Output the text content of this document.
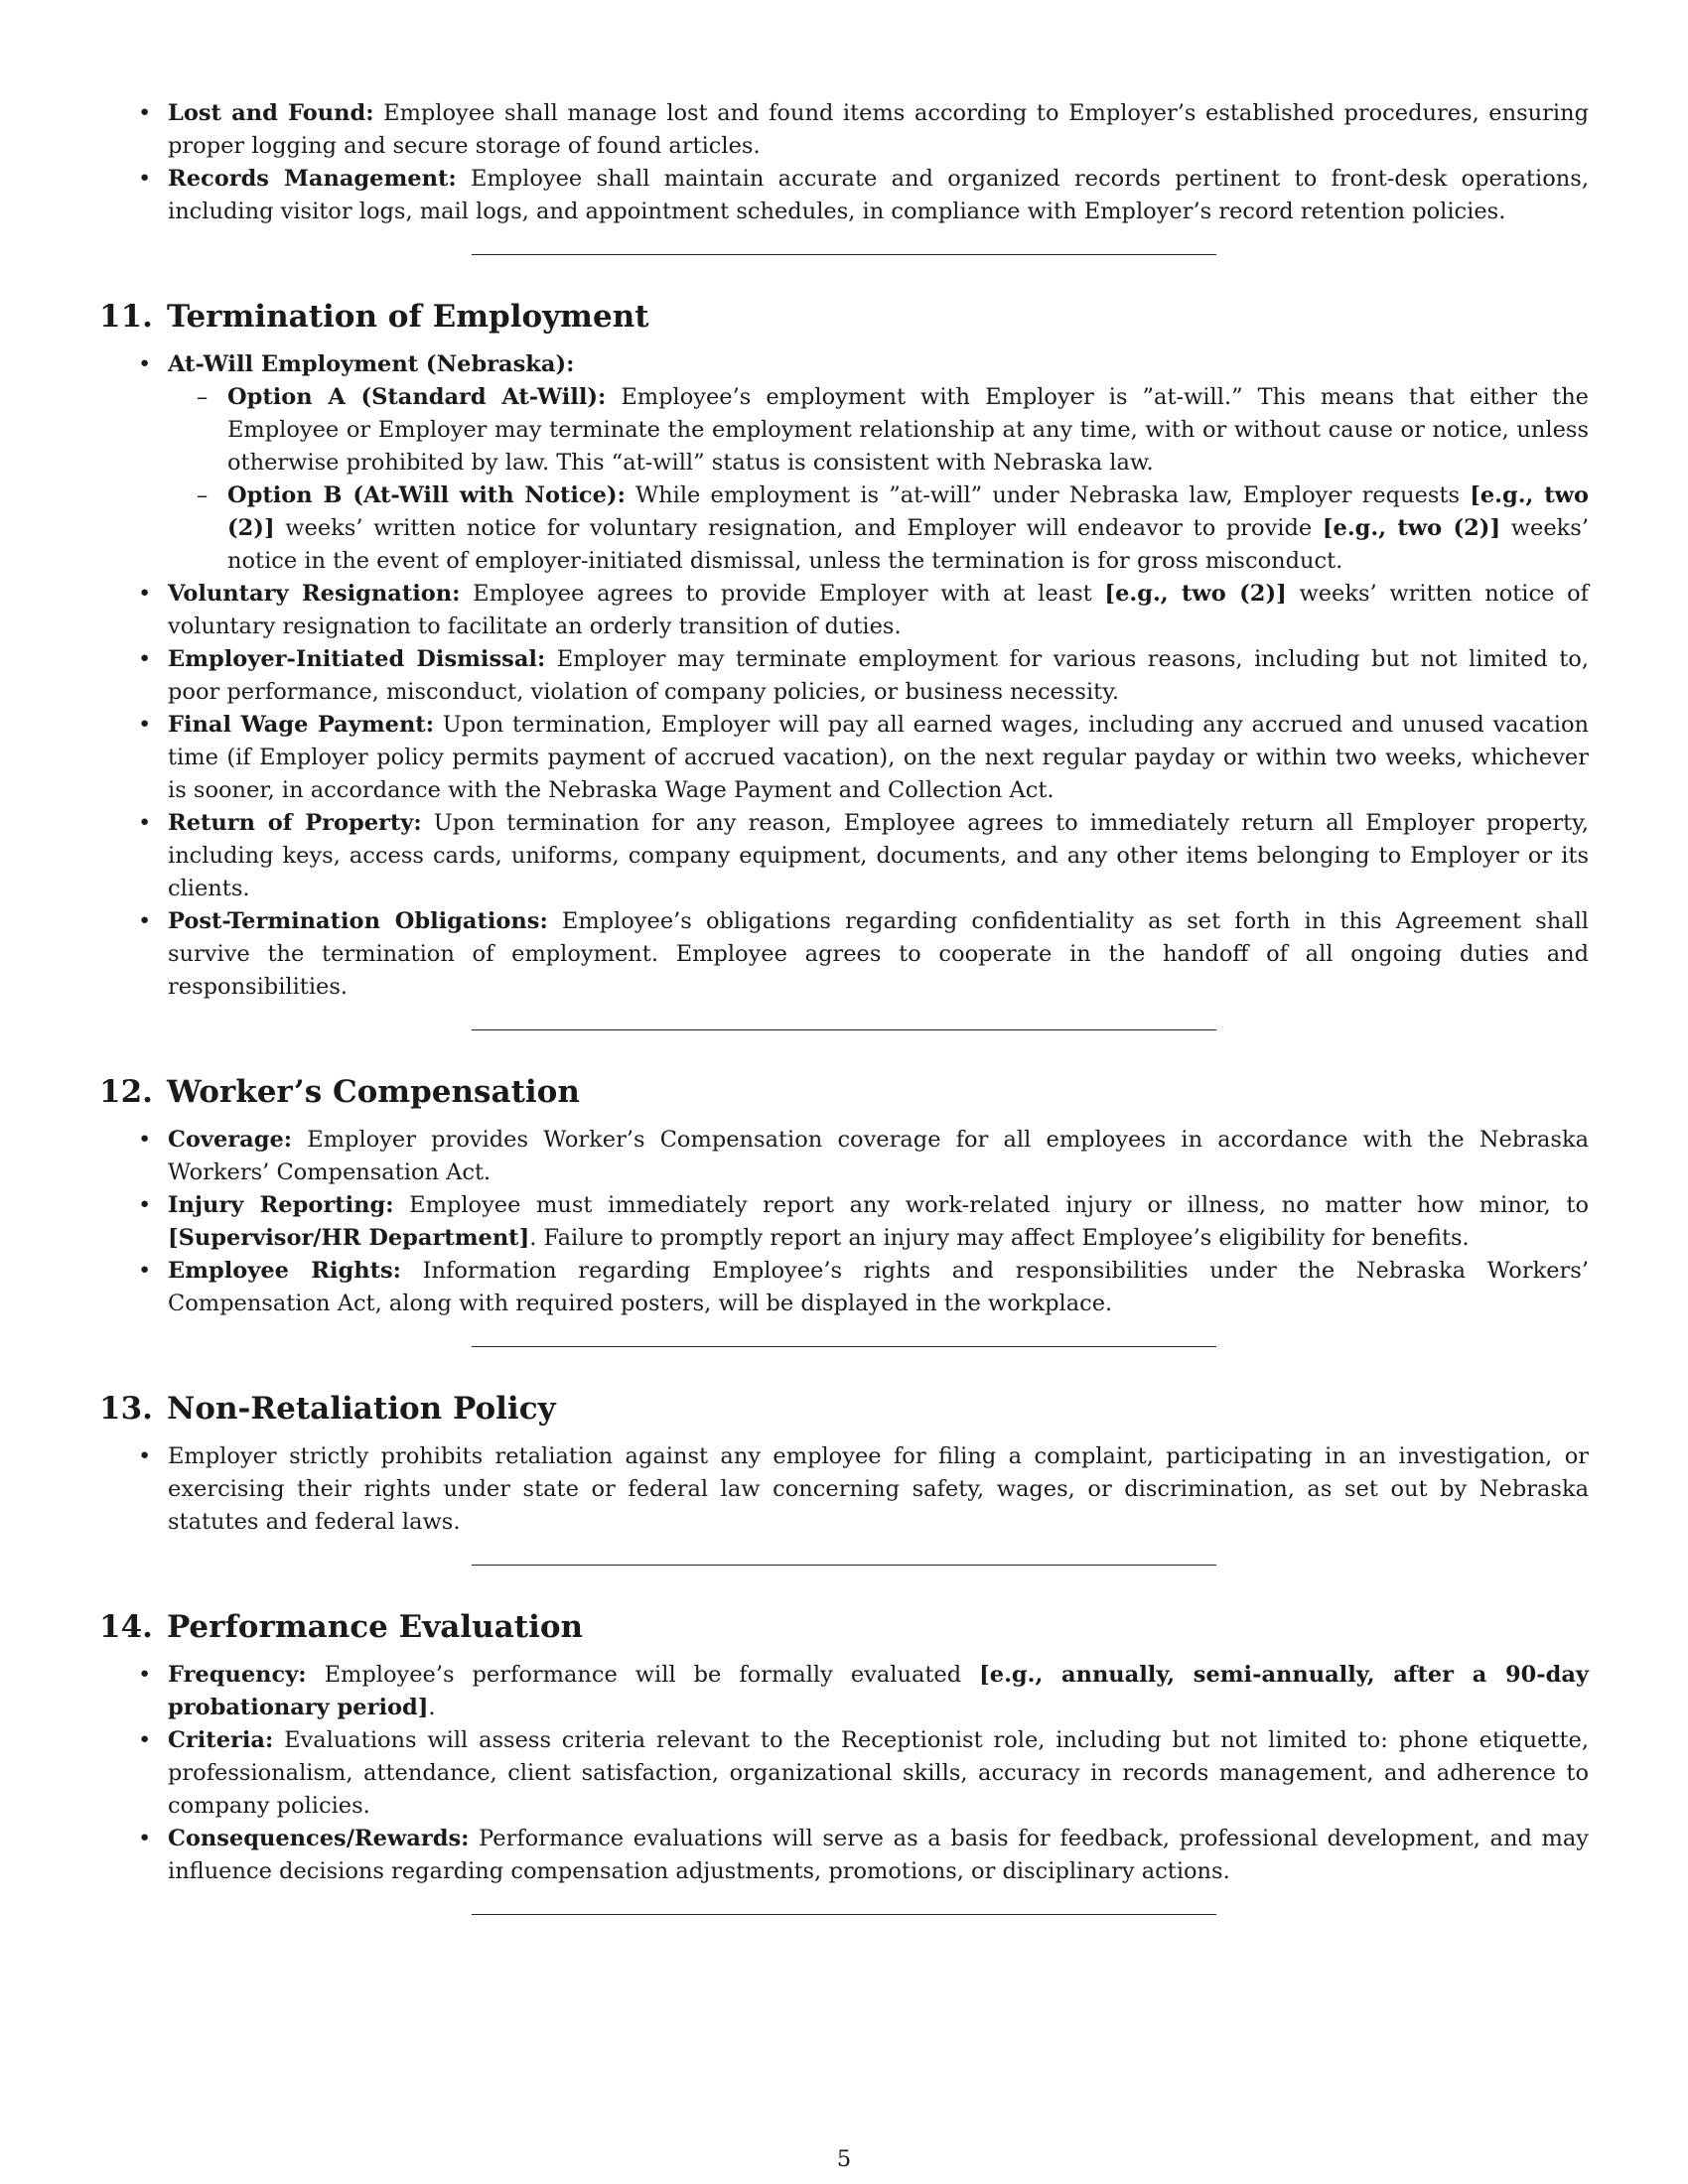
• Lost and Found: Employee shall manage lost and found items according to Employer’s established procedures, ensuring proper logging and secure storage of found articles.
• Records Management: Employee shall maintain accurate and organized records pertinent to front-desk operations, including visitor logs, mail logs, and appointment schedules, in compliance with Employer’s record retention policies.
11. Termination of Employment
• At-Will Employment (Nebraska):
– Option A (Standard At-Will): Employee’s employment with Employer is ”at-will.” This means that either the Employee or Employer may terminate the employment relationship at any time, with or without cause or notice, unless otherwise prohibited by law. This “at-will” status is consistent with Nebraska law.
– Option B (At-Will with Notice): While employment is ”at-will” under Nebraska law, Employer requests [e.g., two (2)] weeks’ written notice for voluntary resignation, and Employer will endeavor to provide [e.g., two (2)] weeks’ notice in the event of employer-initiated dismissal, unless the termination is for gross misconduct.
• Voluntary Resignation: Employee agrees to provide Employer with at least [e.g., two (2)] weeks’ written notice of voluntary resignation to facilitate an orderly transition of duties.
• Employer-Initiated Dismissal: Employer may terminate employment for various reasons, including but not limited to, poor performance, misconduct, violation of company policies, or business necessity.
• Final Wage Payment: Upon termination, Employer will pay all earned wages, including any accrued and unused vacation time (if Employer policy permits payment of accrued vacation), on the next regular payday or within two weeks, whichever is sooner, in accordance with the Nebraska Wage Payment and Collection Act.
• Return of Property: Upon termination for any reason, Employee agrees to immediately return all Employer property, including keys, access cards, uniforms, company equipment, documents, and any other items belonging to Employer or its clients.
• Post-Termination Obligations: Employee’s obligations regarding confidentiality as set forth in this Agreement shall survive the termination of employment. Employee agrees to cooperate in the handoff of all ongoing duties and responsibilities.
12. Worker’s Compensation
• Coverage: Employer provides Worker’s Compensation coverage for all employees in accordance with the Nebraska Workers’ Compensation Act.
• Injury Reporting: Employee must immediately report any work-related injury or illness, no matter how minor, to [Supervisor/HR Department]. Failure to promptly report an injury may affect Employee’s eligibility for benefits.
• Employee Rights: Information regarding Employee’s rights and responsibilities under the Nebraska Workers’ Compensation Act, along with required posters, will be displayed in the workplace.
13. Non-Retaliation Policy
• Employer strictly prohibits retaliation against any employee for filing a complaint, participating in an investigation, or exercising their rights under state or federal law concerning safety, wages, or discrimination, as set out by Nebraska statutes and federal laws.
14. Performance Evaluation
• Frequency: Employee’s performance will be formally evaluated [e.g., annually, semi-annually, after a 90-day probationary period].
• Criteria: Evaluations will assess criteria relevant to the Receptionist role, including but not limited to: phone etiquette, professionalism, attendance, client satisfaction, organizational skills, accuracy in records management, and adherence to company policies.
• Consequences/Rewards: Performance evaluations will serve as a basis for feedback, professional development, and may influence decisions regarding compensation adjustments, promotions, or disciplinary actions.
5
